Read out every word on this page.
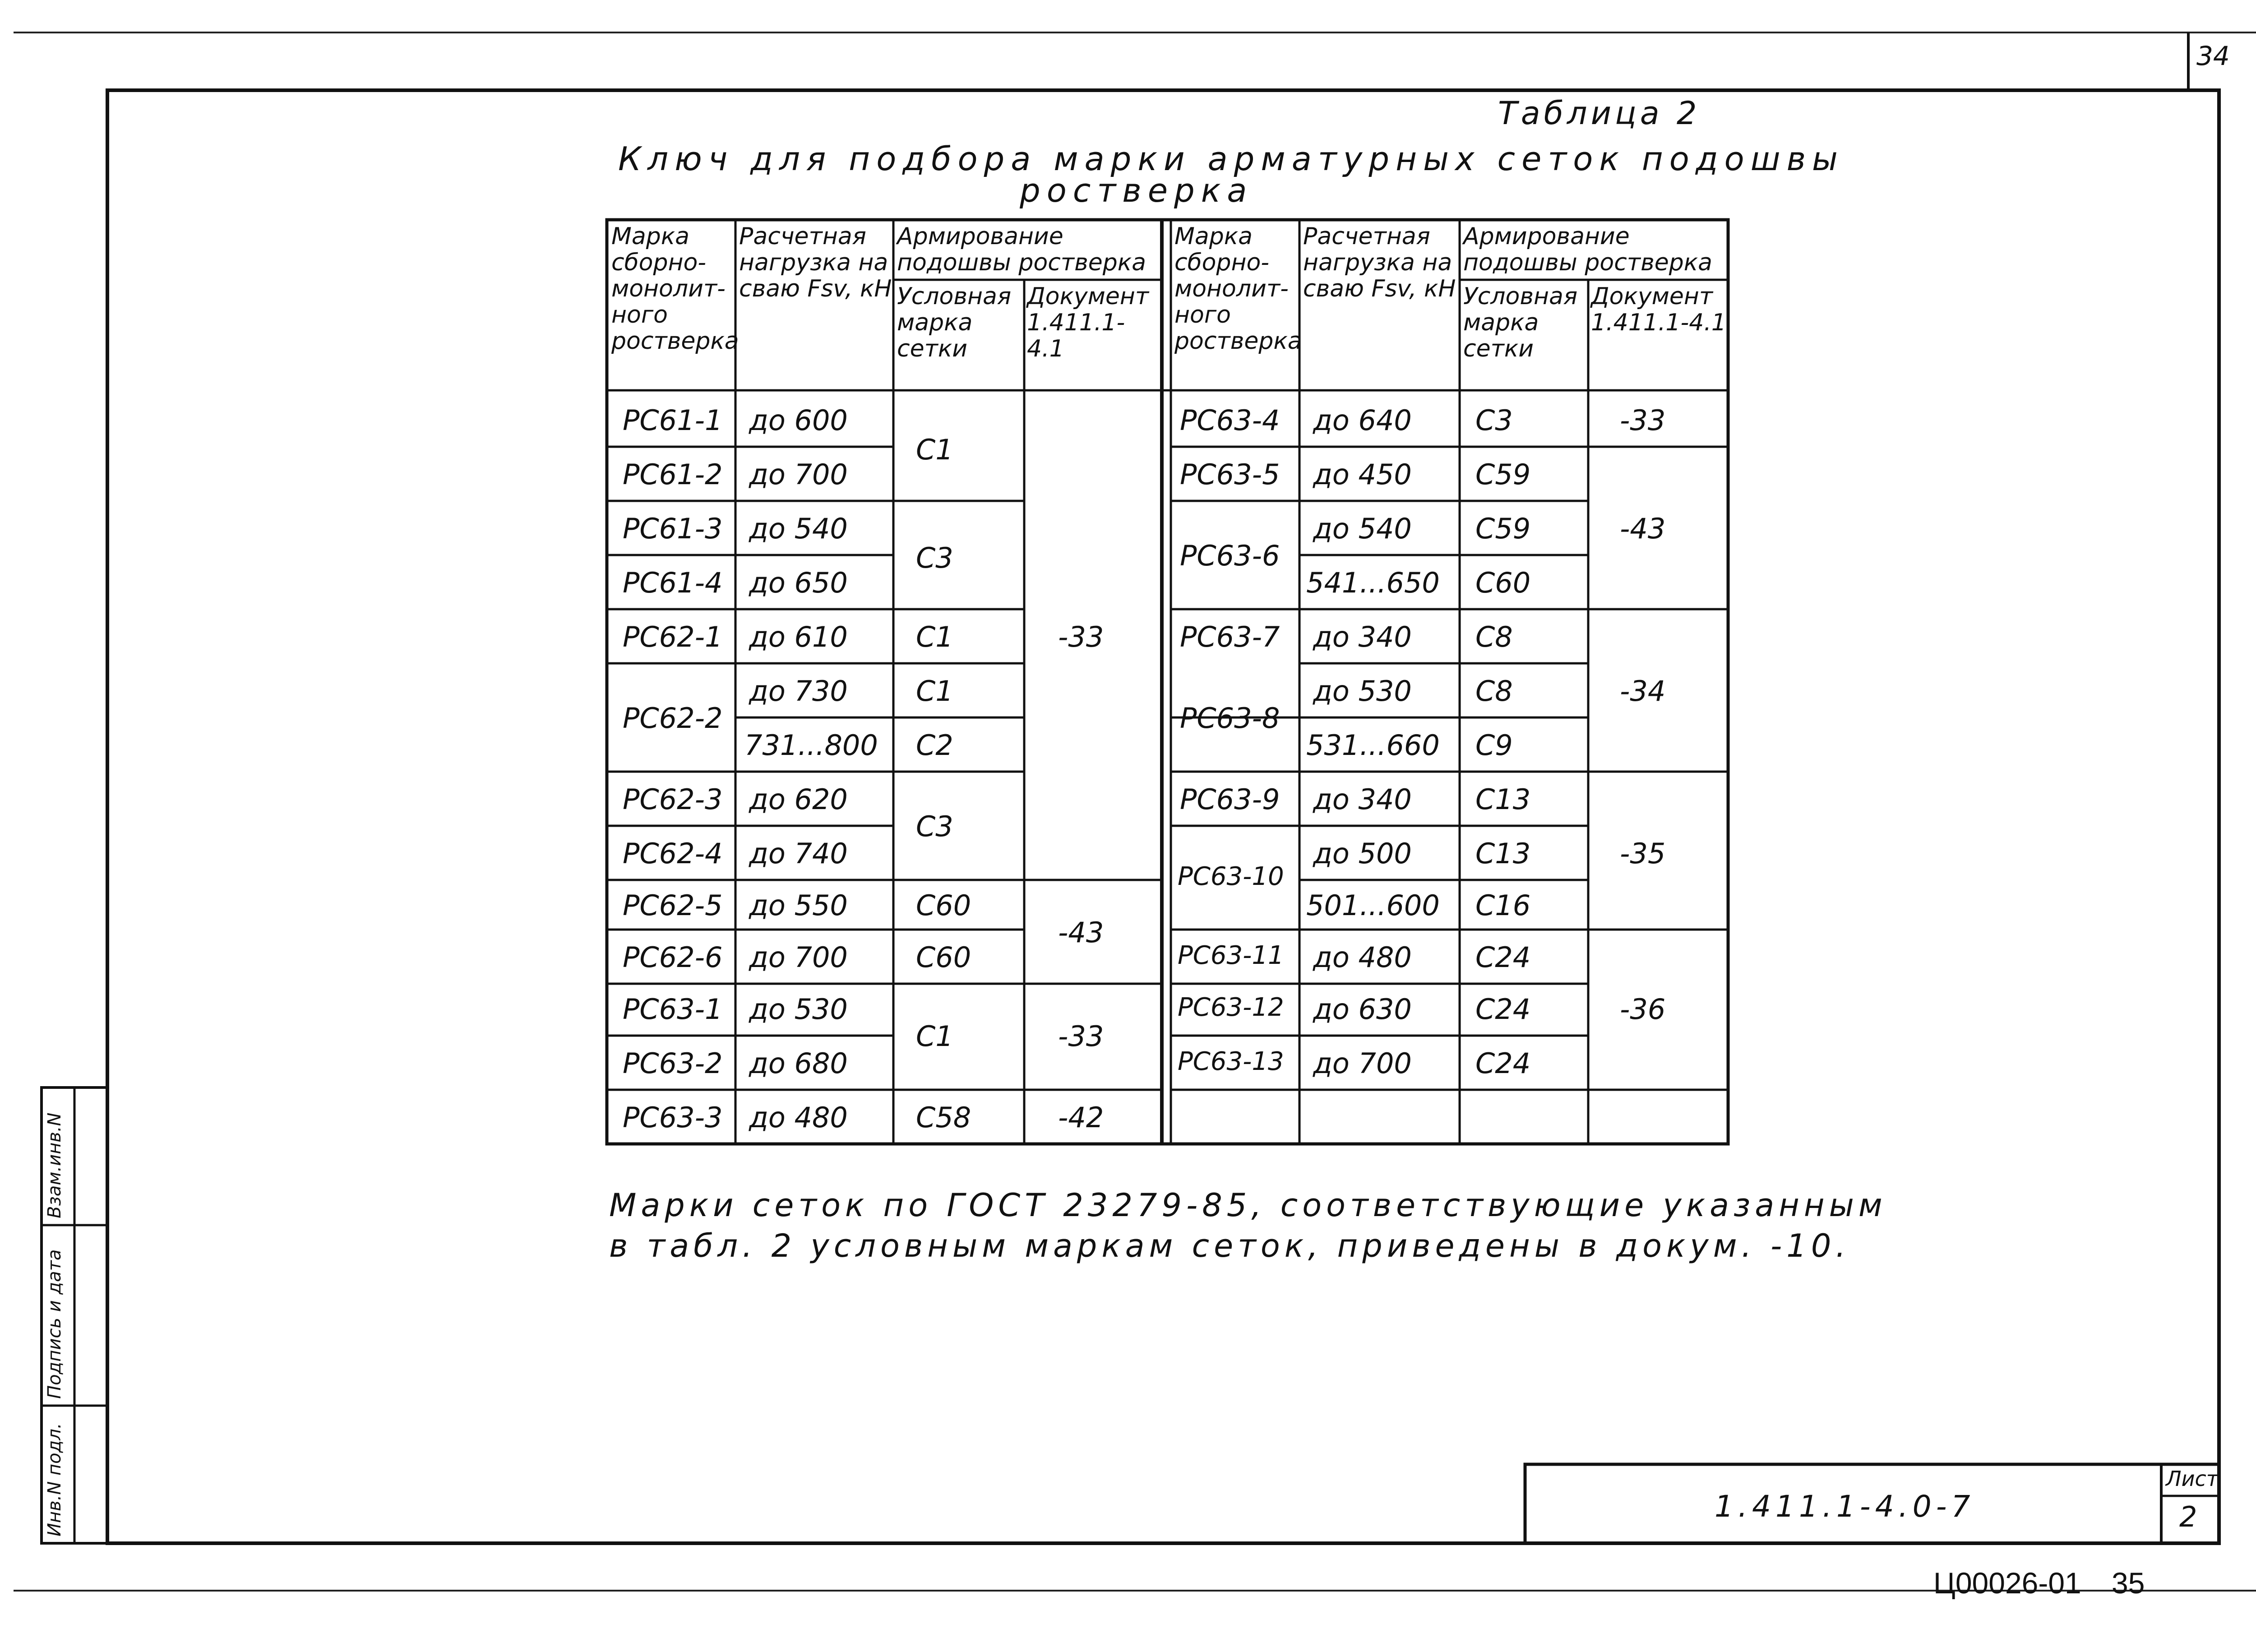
34
Таблица 2
Ключ для подбора марки арматурных сеток подошвы
ростверка
Марка сборно-монолит-ного ростверка
Расчетная нагрузка на сваю Fsv, кН
Армирование подошвы ростверка
Условная марка сетки
Документ 1.411.1-4.1
Марка сборно-монолит-ного ростверка
Расчетная нагрузка на сваю Fsv, кН
Армирование подошвы ростверка
Условная марка сетки
Документ 1.411.1-4.1
РС61-1
РС61-2
РС61-3
РС61-4
РС62-1
РС62-2
РС62-3
РС62-4
РС62-5
РС62-6
РС63-1
РС63-2
РС63-3
до 600
до 700
до 540
до 650
до 610
до 730
731...800
до 620
до 740
до 550
до 700
до 530
до 680
до 480
С1
С3
С1
С1
С2
С3
С60
С60
С1
С58
-33
-43
-33
-42
РС63-4
РС63-5
РС63-6
РС63-7
РС63-8
РС63-9
РС63-10
РС63-11
РС63-12
РС63-13
до 640
до 450
до 540
541...650
до 340
до 530
531...660
до 340
до 500
501...600
до 480
до 630
до 700
С3
С59
С59
С60
С8
С8
С9
С13
С13
С16
С24
С24
С24
-33
-43
-34
-35
-36
Марки сеток по ГОСТ 23279-85, соответствующие указанным
в табл. 2 условным маркам сеток, приведены в докум. -10.
Инв.N подл.
Подпись и дата
Взам.инв.N
1.411.1-4.0-7
Лист
2
Ц00026-01 35
